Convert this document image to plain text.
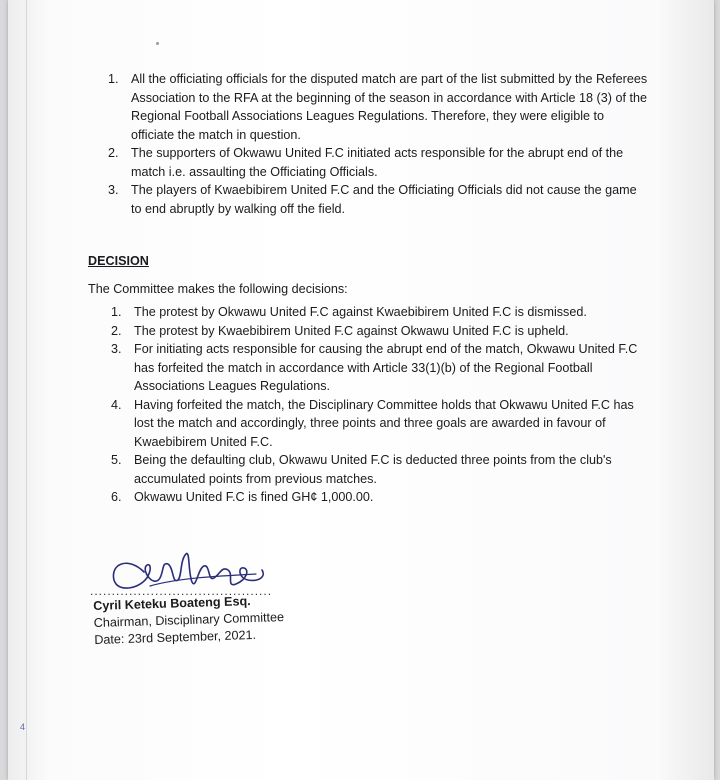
1. All the officiating officials for the disputed match are part of the list submitted by the Referees Association to the RFA at the beginning of the season in accordance with Article 18 (3) of the Regional Football Associations Leagues Regulations. Therefore, they were eligible to officiate the match in question.
2. The supporters of Okwawu United F.C initiated acts responsible for the abrupt end of the match i.e. assaulting the Officiating Officials.
3. The players of Kwaebibirem United F.C and the Officiating Officials did not cause the game to end abruptly by walking off the field.
DECISION
The Committee makes the following decisions:
1. The protest by Okwawu United F.C against Kwaebibirem United F.C is dismissed.
2. The protest by Kwaebibirem United F.C against Okwawu United F.C is upheld.
3. For initiating acts responsible for causing the abrupt end of the match, Okwawu United F.C has forfeited the match in accordance with Article 33(1)(b) of the Regional Football Associations Leagues Regulations.
4. Having forfeited the match, the Disciplinary Committee holds that Okwawu United F.C has lost the match and accordingly, three points and three goals are awarded in favour of Kwaebibirem United F.C.
5. Being the defaulting club, Okwawu United F.C is deducted three points from the club's accumulated points from previous matches.
6. Okwawu United F.C is fined GH¢ 1,000.00.
..........................................
Cyril Keteku Boateng Esq.
Chairman, Disciplinary Committee
Date: 23rd September, 2021.
4
